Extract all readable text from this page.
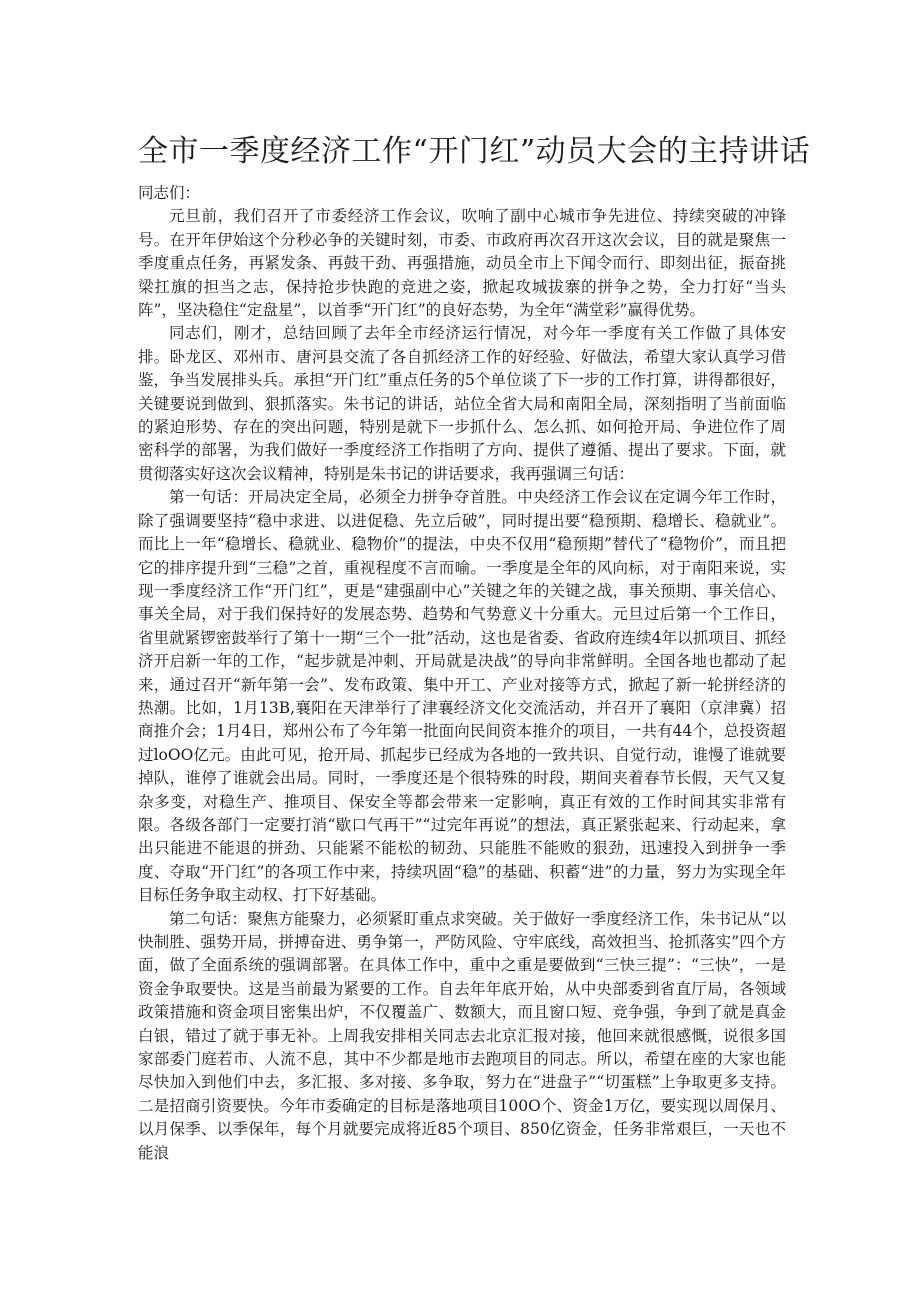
全市一季度经济工作“开门红”动员大会的主持讲话

同志们：

元旦前，我们召开了市委经济工作会议，吹响了副中心城市争先进位、持续突破的冲锋号。在开年伊始这个分秒必争的关键时刻，市委、市政府再次召开这次会议，目的就是聚焦一季度重点任务，再紧发条、再鼓干劲、再强措施，动员全市上下闻令而行、即刻出征，振奋挑梁扛旗的担当之志，保持抢步快跑的竞进之姿，掀起攻城拔寨的拼争之势，全力打好“当头阵”，坚决稳住“定盘星”，以首季“开门红”的良好态势，为全年“满堂彩”赢得优势。

同志们，刚才，总结回顾了去年全市经济运行情况，对今年一季度有关工作做了具体安排。卧龙区、邓州市、唐河县交流了各自抓经济工作的好经验、好做法，希望大家认真学习借鉴，争当发展排头兵。承担“开门红”重点任务的5个单位谈了下一步的工作打算，讲得都很好，关键要说到做到、狠抓落实。朱书记的讲话，站位全省大局和南阳全局，深刻指明了当前面临的紧迫形势、存在的突出问题，特别是就下一步抓什么、怎么抓、如何抢开局、争进位作了周密科学的部署，为我们做好一季度经济工作指明了方向、提供了遵循、提出了要求。下面，就贯彻落实好这次会议精神，特别是朱书记的讲话要求，我再强调三句话：

第一句话：开局决定全局，必须全力拼争夺首胜。中央经济工作会议在定调今年工作时，除了强调要坚持“稳中求进、以进促稳、先立后破”，同时提出要“稳预期、稳增长、稳就业”。而比上一年“稳增长、稳就业、稳物价”的提法，中央不仅用“稳预期”替代了“稳物价”，而且把它的排序提升到“三稳”之首，重视程度不言而喻。一季度是全年的风向标，对于南阳来说，实现一季度经济工作“开门红”，更是“建强副中心”关键之年的关键之战，事关预期、事关信心、事关全局，对于我们保持好的发展态势、趋势和气势意义十分重大。元旦过后第一个工作日，省里就紧锣密鼓举行了第十一期“三个一批”活动，这也是省委、省政府连续4年以抓项目、抓经济开启新一年的工作，“起步就是冲刺、开局就是决战”的导向非常鲜明。全国各地也都动了起来，通过召开“新年第一会”、发布政策、集中开工、产业对接等方式，掀起了新一轮拼经济的热潮。比如，1月13B,襄阳在天津举行了津襄经济文化交流活动，并召开了襄阳（京津冀）招商推介会；1月4日，郑州公布了今年第一批面向民间资本推介的项目，一共有44个，总投资超过loOO亿元。由此可见，抢开局、抓起步已经成为各地的一致共识、自觉行动，谁慢了谁就要掉队，谁停了谁就会出局。同时，一季度还是个很特殊的时段，期间夹着春节长假，天气又复杂多变，对稳生产、推项目、保安全等都会带来一定影响，真正有效的工作时间其实非常有限。各级各部门一定要打消“歇口气再干”“过完年再说”的想法，真正紧张起来、行动起来，拿出只能进不能退的拼劲、只能紧不能松的韧劲、只能胜不能败的狠劲，迅速投入到拼争一季度、夺取“开门红”的各项工作中来，持续巩固“稳”的基础、积蓄“进”的力量，努力为实现全年目标任务争取主动权、打下好基础。

第二句话：聚焦方能聚力，必须紧盯重点求突破。关于做好一季度经济工作，朱书记从“以快制胜、强势开局，拼搏奋进、勇争第一，严防风险、守牢底线，高效担当、抢抓落实”四个方面，做了全面系统的强调部署。在具体工作中，重中之重是要做到“三快三提”：“三快”，一是资金争取要快。这是当前最为紧要的工作。自去年年底开始，从中央部委到省直厅局，各领域政策措施和资金项目密集出炉，不仅覆盖广、数额大，而且窗口短、竞争强，争到了就是真金白银，错过了就于事无补。上周我安排相关同志去北京汇报对接，他回来就很感慨，说很多国家部委门庭若市、人流不息，其中不少都是地市去跑项目的同志。所以，希望在座的大家也能尽快加入到他们中去，多汇报、多对接、多争取，努力在“进盘子”“切蛋糕”上争取更多支持。二是招商引资要快。今年市委确定的目标是落地项目100O个、资金1万亿，要实现以周保月、以月保季、以季保年，每个月就要完成将近85个项目、850亿资金，任务非常艰巨，一天也不能浪
